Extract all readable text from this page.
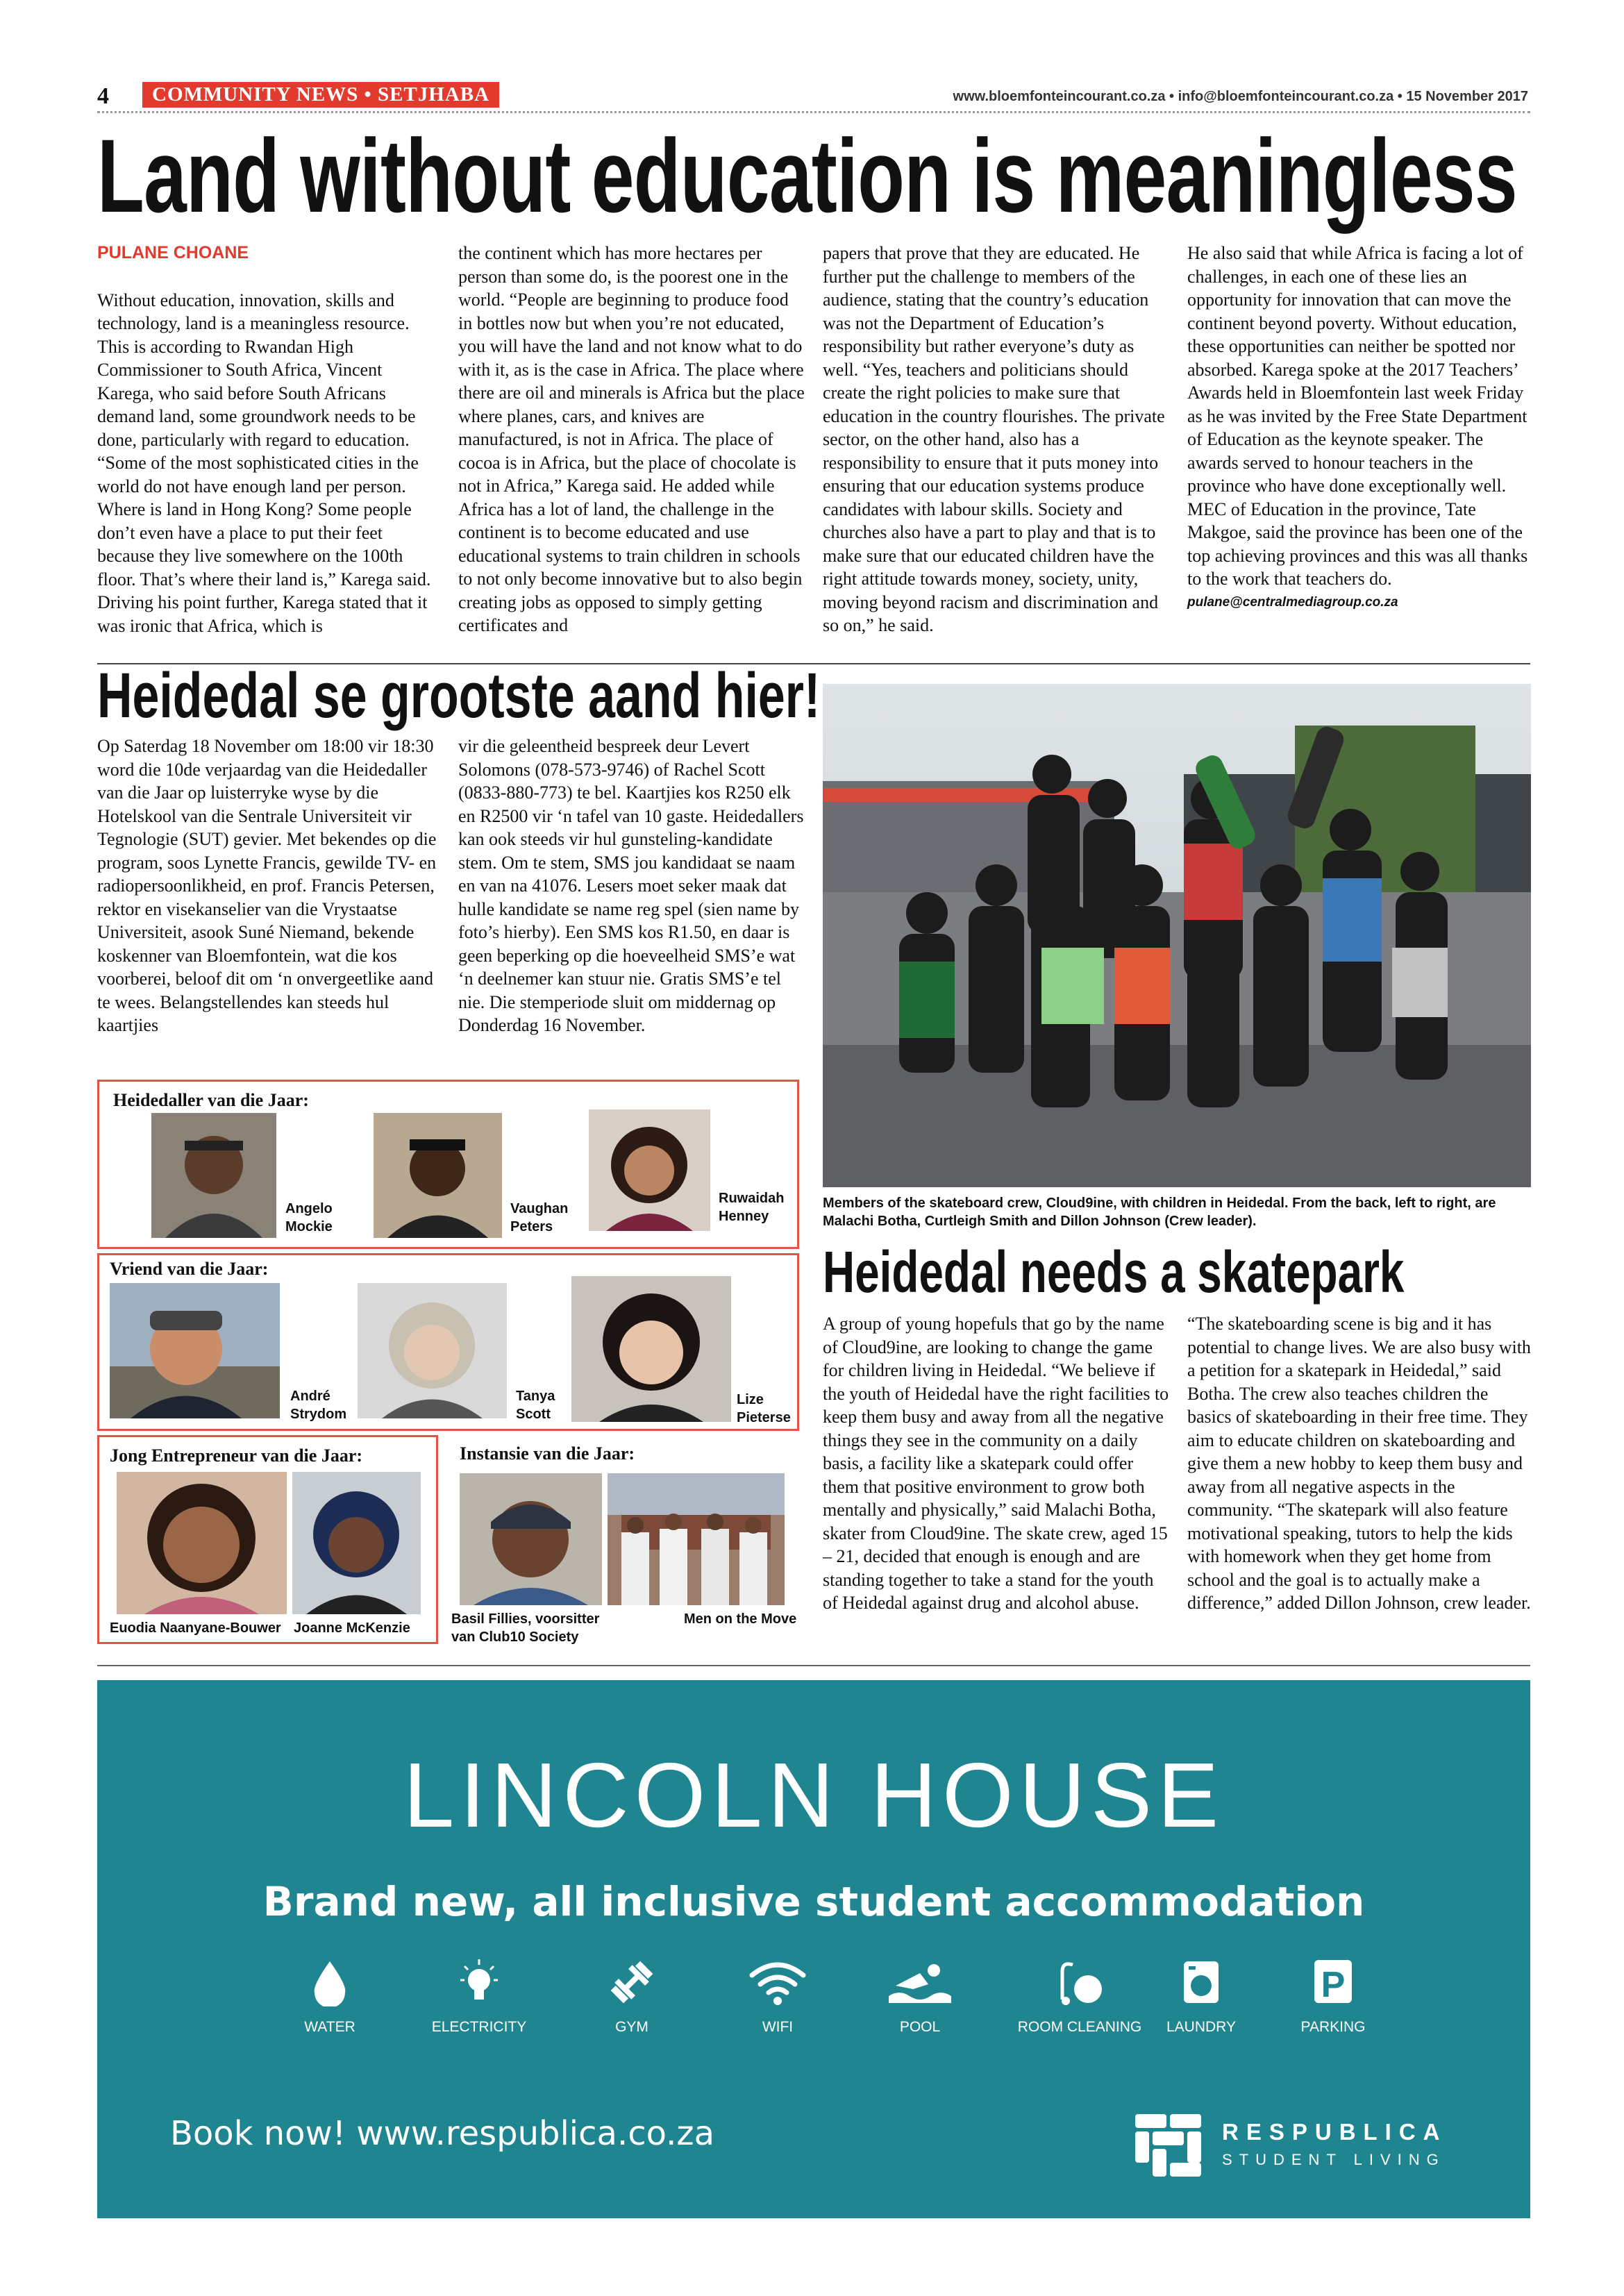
4	COMMUNITY NEWS • SETJHABA	www.bloemfonteincourant.co.za • info@bloemfonteincourant.co.za • 15 November 2017
Land without education is meaningless

PULANE CHOANE

Without education, innovation, skills and technology, land is a meaningless resource. This is according to Rwandan High Commissioner to South Africa, Vincent Karega, who said before South Africans demand land, some groundwork needs to be done, particularly with regard to education. “Some of the most sophisticated cities in the world do not have enough land per person. Where is land in Hong Kong? Some people don’t even have a place to put their feet because they live somewhere on the 100th floor. That’s where their land is,” Karega said. Driving his point further, Karega stated that it was ironic that Africa, which is

the continent which has more hectares per person than some do, is the poorest one in the world. “People are beginning to produce food in bottles now but when you’re not educated, you will have the land and not know what to do with it, as is the case in Africa. The place where there are oil and minerals is Africa but the place where planes, cars, and knives are manufactured, is not in Africa. The place of cocoa is in Africa, but the place of chocolate is not in Africa,” Karega said. He added while Africa has a lot of land, the challenge in the continent is to become educated and use educational systems to train children in schools to not only become innovative but to also begin creating jobs as opposed to simply getting certificates and

papers that prove that they are educated. He further put the challenge to members of the audience, stating that the country’s education was not the Department of Education’s responsibility but rather everyone’s duty as well. “Yes, teachers and politicians should create the right policies to make sure that education in the country flourishes. The private sector, on the other hand, also has a responsibility to ensure that it puts money into ensuring that our education systems produce candidates with labour skills. Society and churches also have a part to play and that is to make sure that our educated children have the right attitude towards money, society, unity, moving beyond racism and discrimination and so on,” he said.

He also said that while Africa is facing a lot of challenges, in each one of these lies an opportunity for innovation that can move the continent beyond poverty. Without education, these opportunities can neither be spotted nor absorbed. Karega spoke at the 2017 Teachers’ Awards held in Bloemfontein last week Friday as he was invited by the Free State Department of Education as the keynote speaker. The awards served to honour teachers in the province who have done exceptionally well. MEC of Education in the province, Tate Makgoe, said the province has been one of the top achieving provinces and this was all thanks to the work that teachers do.

pulane@centralmediagroup.co.za

Heidedal se grootste aand hier!

Op Saterdag 18 November om 18:00 vir 18:30 word die 10de verjaardag van die Heidedaller van die Jaar op luisterryke wyse by die Hotelskool van die Sentrale Universiteit vir Tegnologie (SUT) gevier. Met bekendes op die program, soos Lynette Francis, gewilde TV- en radiopersoonlikheid, en prof. Francis Petersen, rektor en visekanselier van die Vrystaatse Universiteit, asook Suné Niemand, bekende koskenner van Bloemfontein, wat die kos voorberei, beloof dit om ‘n onvergeetlike aand te wees. Belangstellendes kan steeds hul kaartjies

vir die geleentheid bespreek deur Levert Solomons (078-573-9746) of Rachel Scott (0833-880-773) te bel. Kaartjies kos R250 elk en R2500 vir ‘n tafel van 10 gaste. Heidedallers kan ook steeds vir hul gunsteling-kandidate stem. Om te stem, SMS jou kandidaat se naam en van na 41076. Lesers moet seker maak dat hulle kandidate se name reg spel (sien name by foto’s hierby). Een SMS kos R1.50, en daar is geen beperking op die hoeveelheid SMS’e wat ‘n deelnemer kan stuur nie. Gratis SMS’e tel nie. Die stemperiode sluit om middernag op Donderdag 16 November.

Heidedaller van die Jaar:
Angelo Mockie
Vaughan Peters
Ruwaidah Henney
Vriend van die Jaar:
André Strydom
Tanya Scott
Lize Pieterse
Jong Entrepreneur van die Jaar:
Euodia Naanyane-Bouwer Joanne McKenzie
Instansie van die Jaar:
Basil Fillies, voorsitter van Club10 Society
Men on the Move
Members of the skateboard crew, Cloud9ine, with children in Heidedal. From the back, left to right, are Malachi Botha, Curtleigh Smith and Dillon Johnson (Crew leader).
Heidedal needs a skatepark

A group of young hopefuls that go by the name of Cloud9ine, are looking to change the game for children living in Heidedal. “We believe if the youth of Heidedal have the right facilities to keep them busy and away from all the negative things they see in the community on a daily basis, a facility like a skatepark could offer them that positive environment to grow both mentally and physically,” said Malachi Botha, skater from Cloud9ine. The skate crew, aged 15 – 21, decided that enough is enough and are standing together to take a stand for the youth of Heidedal against drug and alcohol abuse.

“The skateboarding scene is big and it has potential to change lives. We are also busy with a petition for a skatepark in Heidedal,” said Botha. The crew also teaches children the basics of skateboarding in their free time. They aim to educate children on skateboarding and give them a new hobby to keep them busy and away from all negative aspects in the community. “The skatepark will also feature motivational speaking, tutors to help the kids with homework when they get home from school and the goal is to actually make a difference,” added Dillon Johnson, crew leader.

LINCOLN HOUSE
Brand new, all inclusive student accommodation
WATER	ELECTRICITY	GYM	WIFI	POOL	ROOM CLEANING	LAUNDRY
P
PARKING
Book now! www.respublica.co.za	RESPUBLICA
STUDENT LIVING
